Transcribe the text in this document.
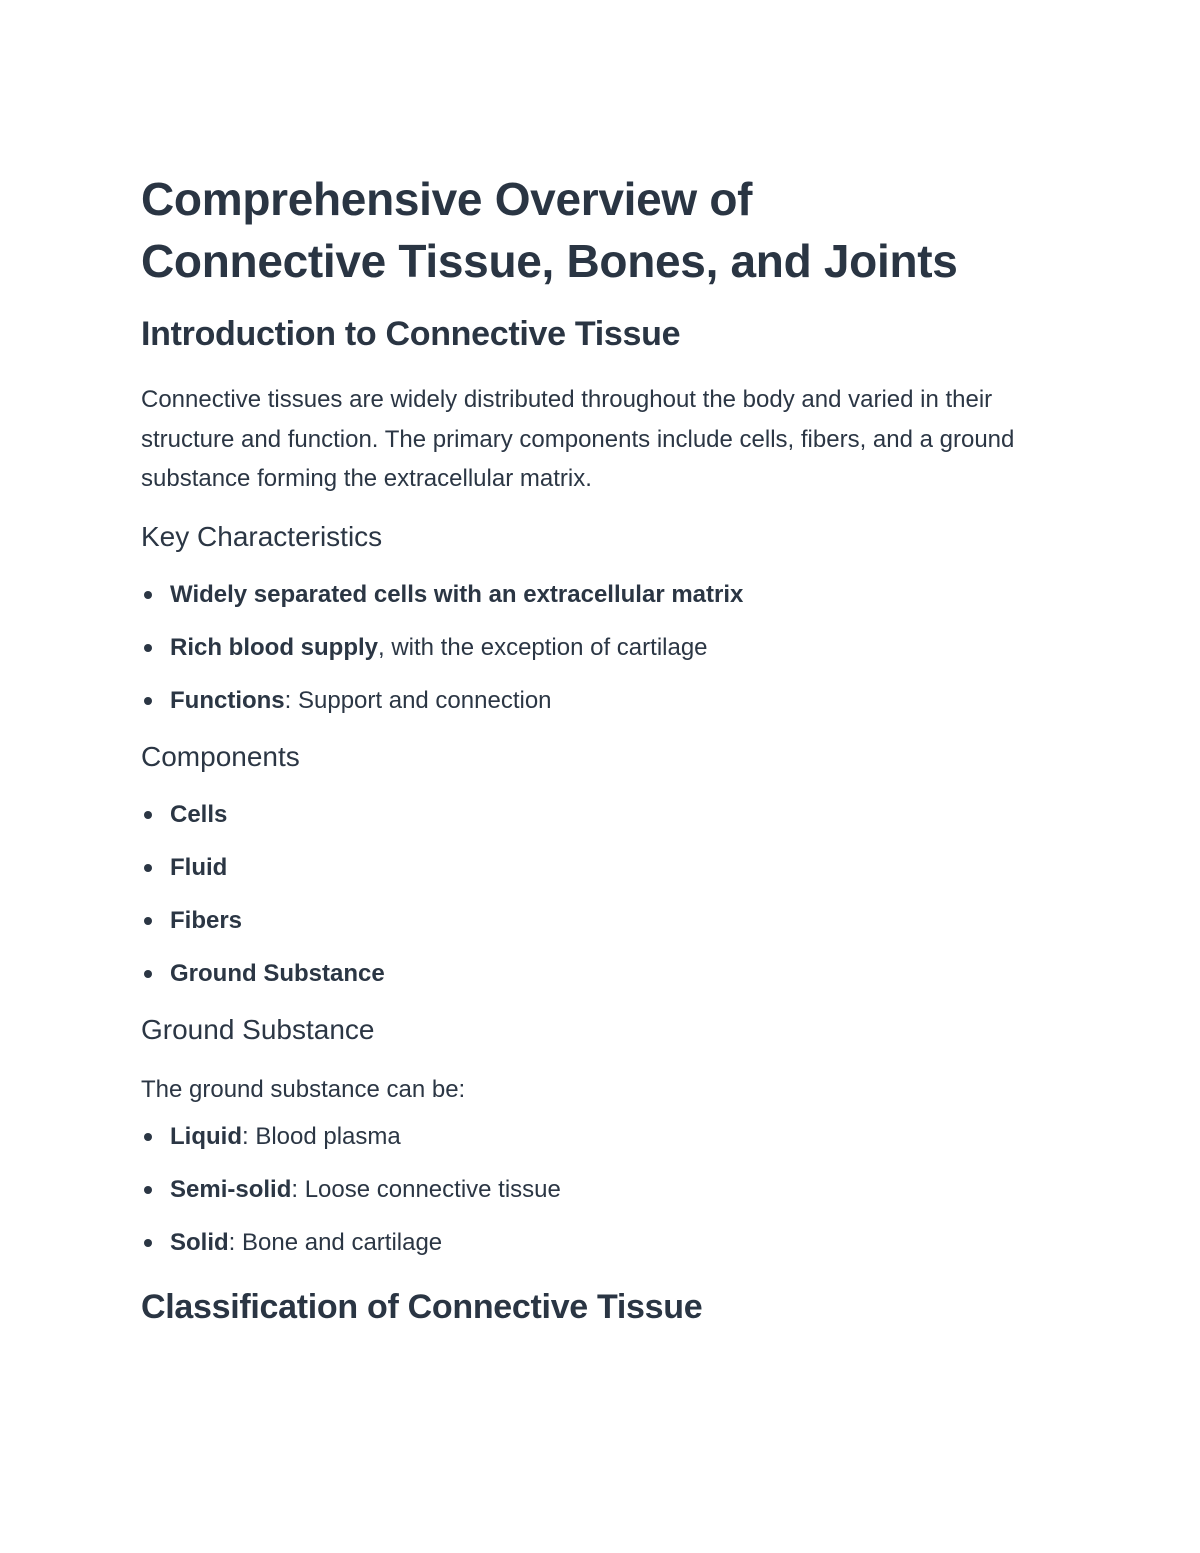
Comprehensive Overview of
Connective Tissue, Bones, and Joints
Introduction to Connective Tissue

Connective tissues are widely distributed throughout the body and varied in their structure and function. The primary components include cells, fibers, and a ground substance forming the extracellular matrix.

Key Characteristics
Widely separated cells with an extracellular matrix
Rich blood supply, with the exception of cartilage
Functions: Support and connection
Components
Cells
Fluid
Fibers
Ground Substance
Ground Substance

The ground substance can be:

Liquid: Blood plasma
Semi-solid: Loose connective tissue
Solid: Bone and cartilage
Classification of Connective Tissue
